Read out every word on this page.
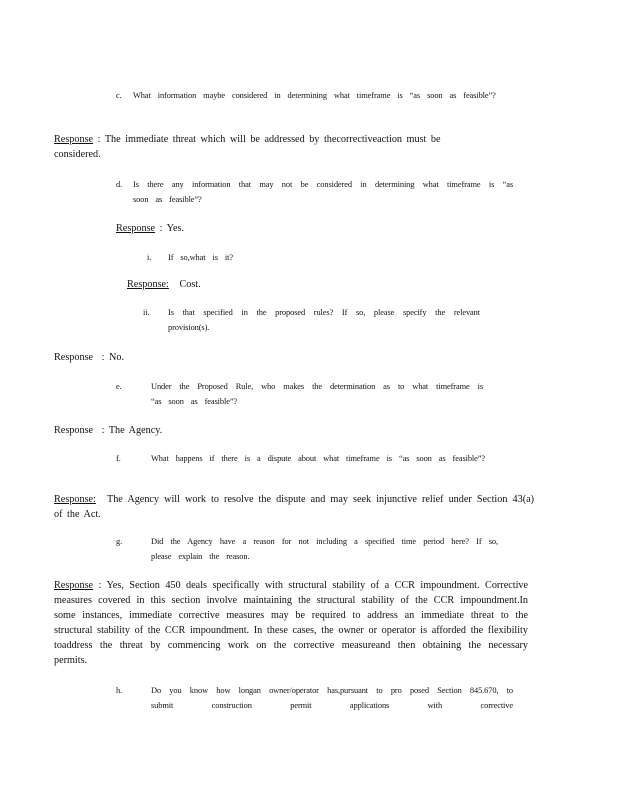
c. What information maybe considered in determining what timeframe is “as soon as feasible”?
Response : The immediate threat which will be addressed by thecorrectiveaction must be considered.
d. Is there any information that may not be considered in determining what timeframe is “as soon as feasible”?
Response : Yes.
i. If so,what is it?
Response: Cost.
ii. Is that specified in the proposed rules? If so, please specify the relevant provision(s).
Response : No.
e.	Under the Proposed Rule, who makes the determination as to what timeframe is “as soon as feasible”?
Response : The Agency.
f.	What happens if there is a dispute about what timeframe is “as soon as feasible”?
Response: The Agency will work to resolve the dispute and may seek injunctive relief under Section 43(a) of the Act.
g.	Did the Agency have a reason for not including a specified time period here? If so, please explain the reason.
Response : Yes, Section 450 deals specifically with structural stability of a CCR impoundment. Corrective measures covered in this section involve maintaining the structural stability of the CCR impoundment.In some instances, immediate corrective measures may be required to address an immediate threat to the structural stability of the CCR impoundment. In these cases, the owner or operator is afforded the flexibility toaddress the threat by commencing work on the corrective measureand then obtaining the necessary permits.
h.	Do you know how longan owner/operator has,pursuant to pro posed Section 845.670, to submit construction permit applications with corrective
